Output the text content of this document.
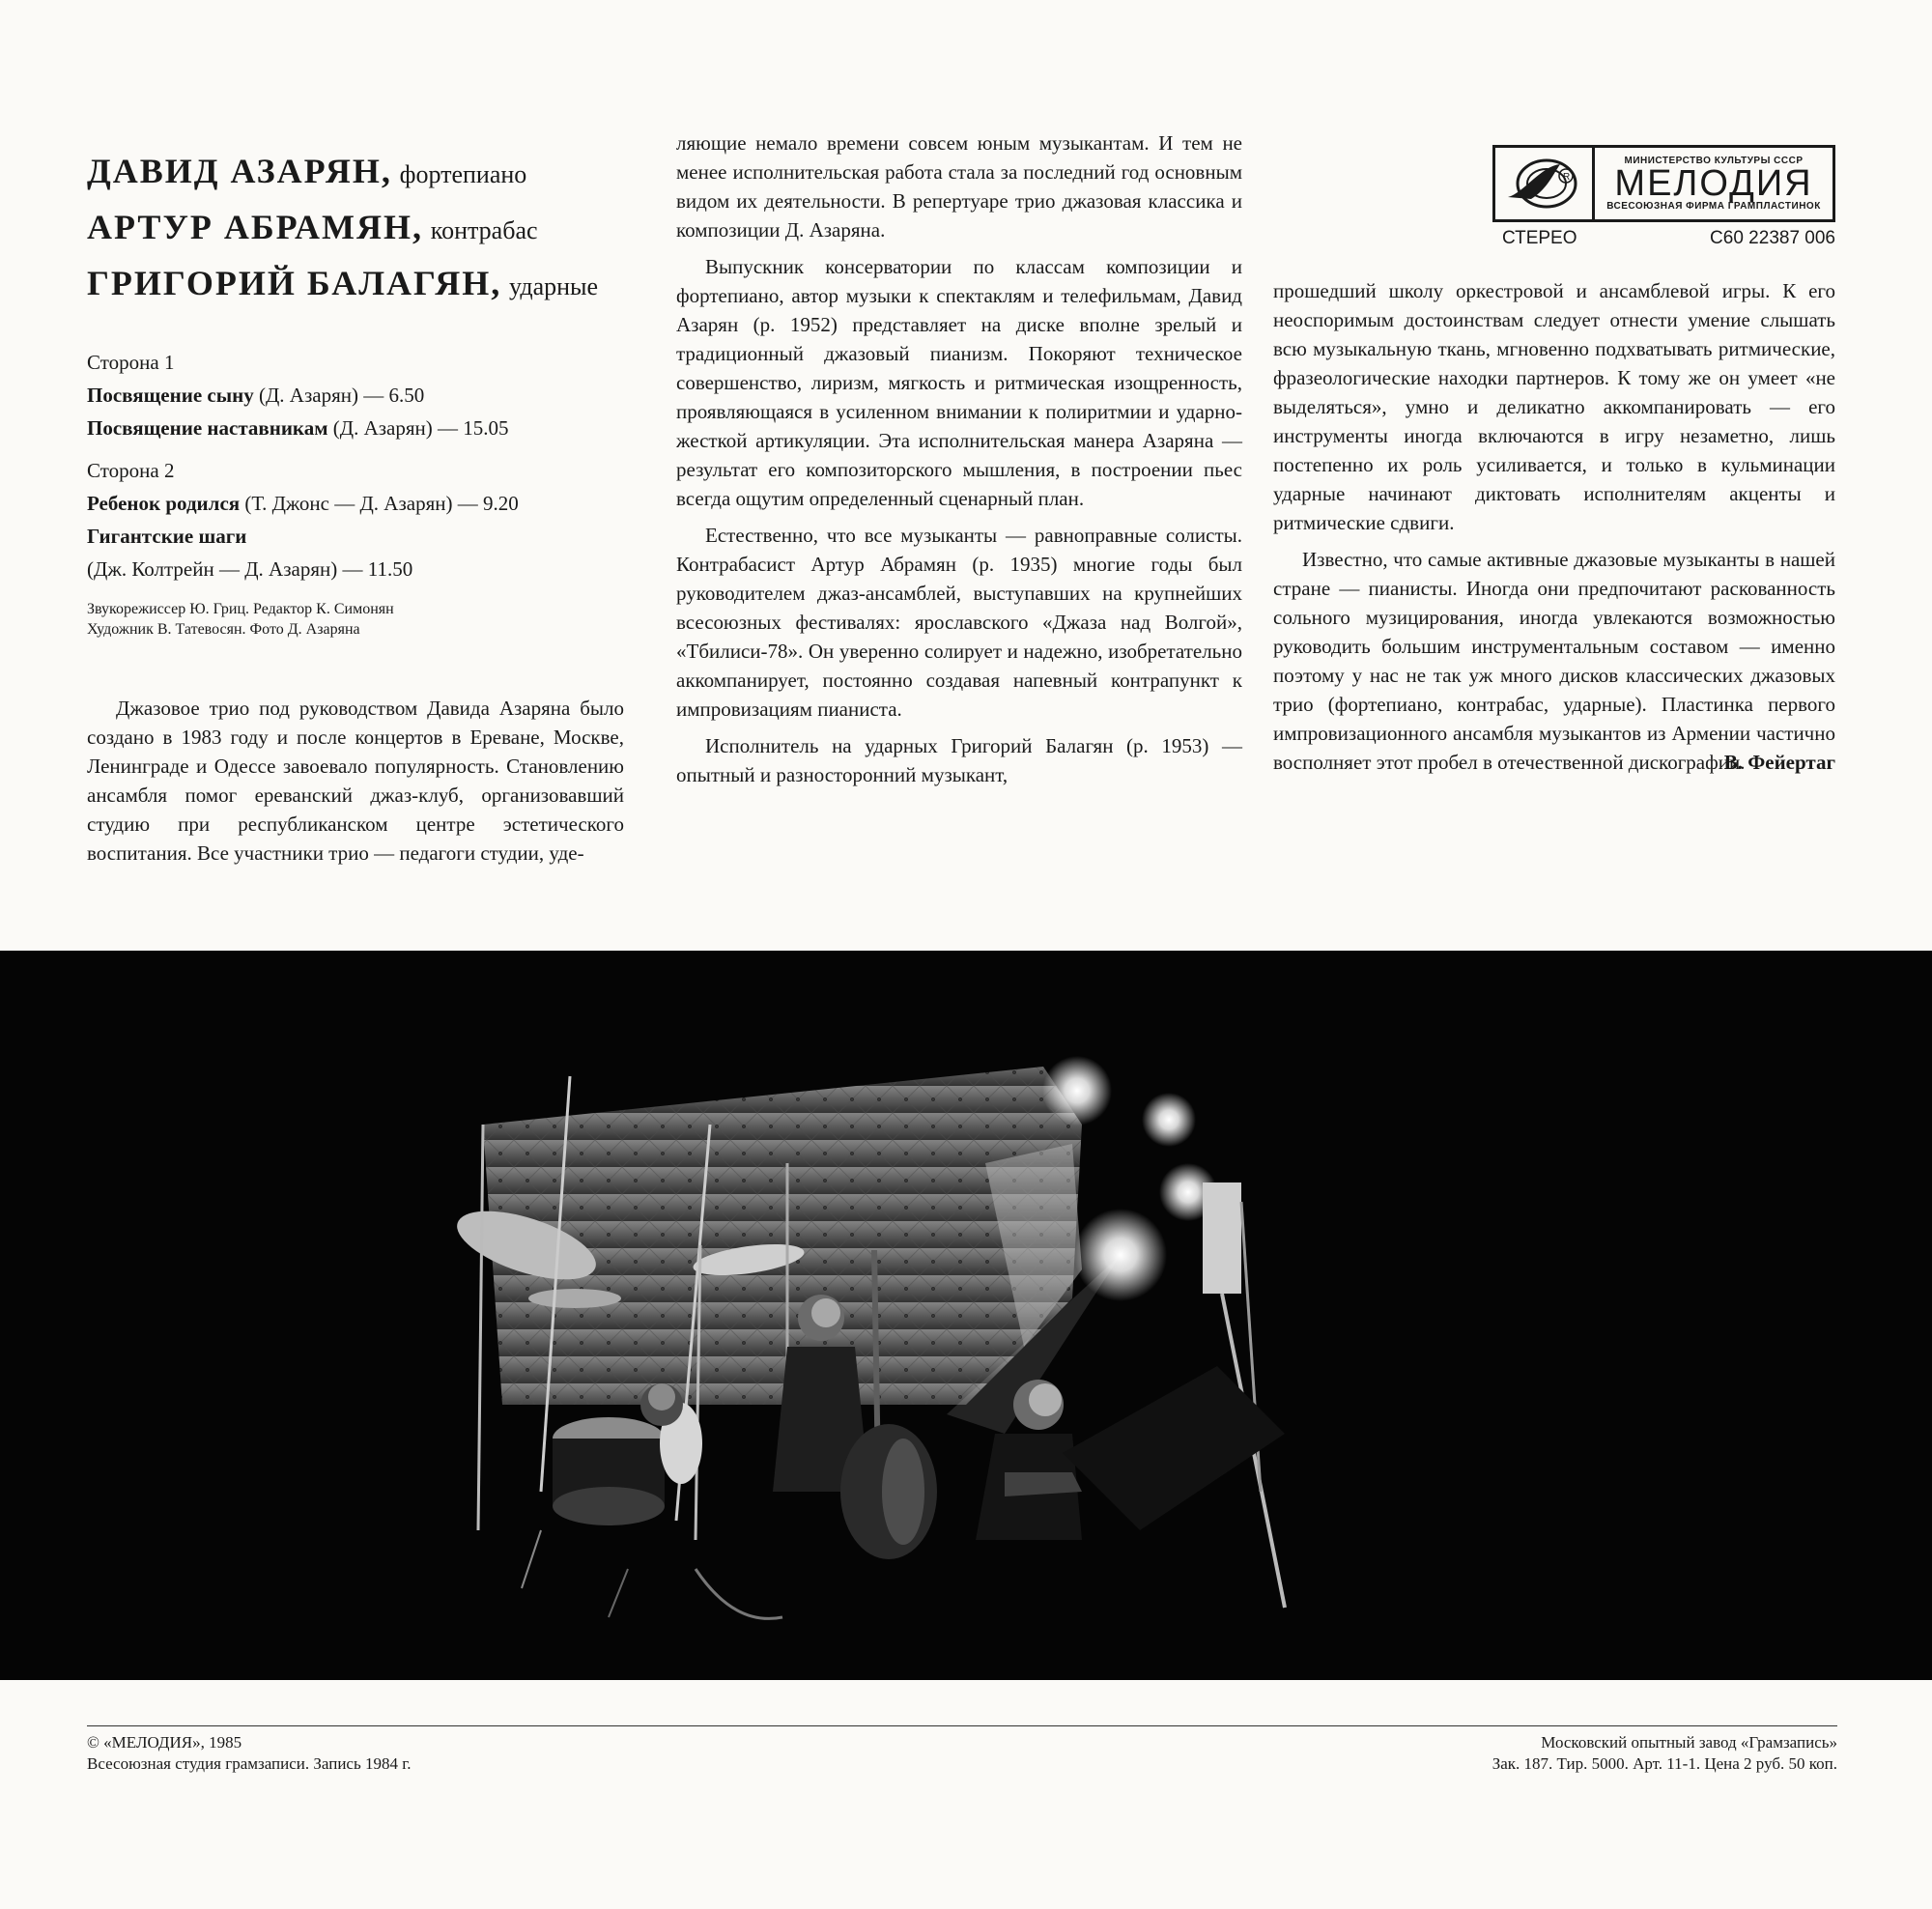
ДАВИД АЗАРЯН, фортепиано
АРТУР АБРАМЯН, контрабас
ГРИГОРИЙ БАЛАГЯН, ударные
Сторона 1
Посвящение сыну (Д. Азарян) — 6.50
Посвящение наставникам (Д. Азарян) — 15.05
Сторона 2
Ребенок родился (Т. Джонс — Д. Азарян) — 9.20
Гигантские шаги
(Дж. Колтрейн — Д. Азарян) — 11.50
Звукорежиссер Ю. Гриц. Редактор К. Симонян
Художник В. Татевосян. Фото Д. Азаряна

Джазовое трио под руководством Давида Азаряна было создано в 1983 году и после концертов в Ереване, Москве, Ленинграде и Одессе завоевало популярность. Становлению ансамбля помог ереванский джаз-клуб, организовавший студию при республиканском центре эстетического воспитания. Все участники трио — педагоги студии, уде-

ляющие немало времени совсем юным музыкантам. И тем не менее исполнительская работа стала за последний год основным видом их деятельности. В репертуаре трио джазовая классика и композиции Д. Азаряна.

Выпускник консерватории по классам композиции и фортепиано, автор музыки к спектаклям и телефильмам, Давид Азарян (р. 1952) представляет на диске вполне зрелый и традиционный джазовый пианизм. Покоряют техническое совершенство, лиризм, мягкость и ритмическая изощренность, проявляющаяся в усиленном внимании к полиритмии и ударно-жесткой артикуляции. Эта исполнительская манера Азаряна — результат его композиторского мышления, в построении пьес всегда ощутим определенный сценарный план.

Естественно, что все музыканты — равноправные солисты. Контрабасист Артур Абрамян (р. 1935) многие годы был руководителем джаз-ансамблей, выступавших на крупнейших всесоюзных фестивалях: ярославского «Джаза над Волгой», «Тбилиси-78». Он уверенно солирует и надежно, изобретательно аккомпанирует, постоянно создавая напевный контрапункт к импровизациям пианиста.

Исполнитель на ударных Григорий Балагян (р. 1953) — опытный и разносторонний музыкант,

R
МИНИСТЕРСТВО КУЛЬТУРЫ СССР
МЕЛОДИЯ
ВСЕСОЮЗНАЯ ФИРМА ГРАМПЛАСТИНОК
СТЕРЕО	С60 22387 006

прошедший школу оркестровой и ансамблевой игры. К его неоспоримым достоинствам следует отнести умение слышать всю музыкальную ткань, мгновенно подхватывать ритмические, фразеологические находки партнеров. К тому же он умеет «не выделяться», умно и деликатно аккомпанировать — его инструменты иногда включаются в игру незаметно, лишь постепенно их роль усиливается, и только в кульминации ударные начинают диктовать исполнителям акценты и ритмические сдвиги.

Известно, что самые активные джазовые музыканты в нашей стране — пианисты. Иногда они предпочитают раскованность сольного музицирования, иногда увлекаются возможностью руководить большим инструментальным составом — именно поэтому у нас не так уж много дисков классических джазовых трио (фортепиано, контрабас, ударные). Пластинка первого импровизационного ансамбля музыкантов из Армении частично восполняет этот пробел в отечественной дискографии.

В. Фейертаг

© «МЕЛОДИЯ», 1985
Всесоюзная студия грамзаписи. Запись 1984 г.
Московский опытный завод «Грамзапись»
Зак. 187. Тир. 5000. Арт. 11-1. Цена 2 руб. 50 коп.
